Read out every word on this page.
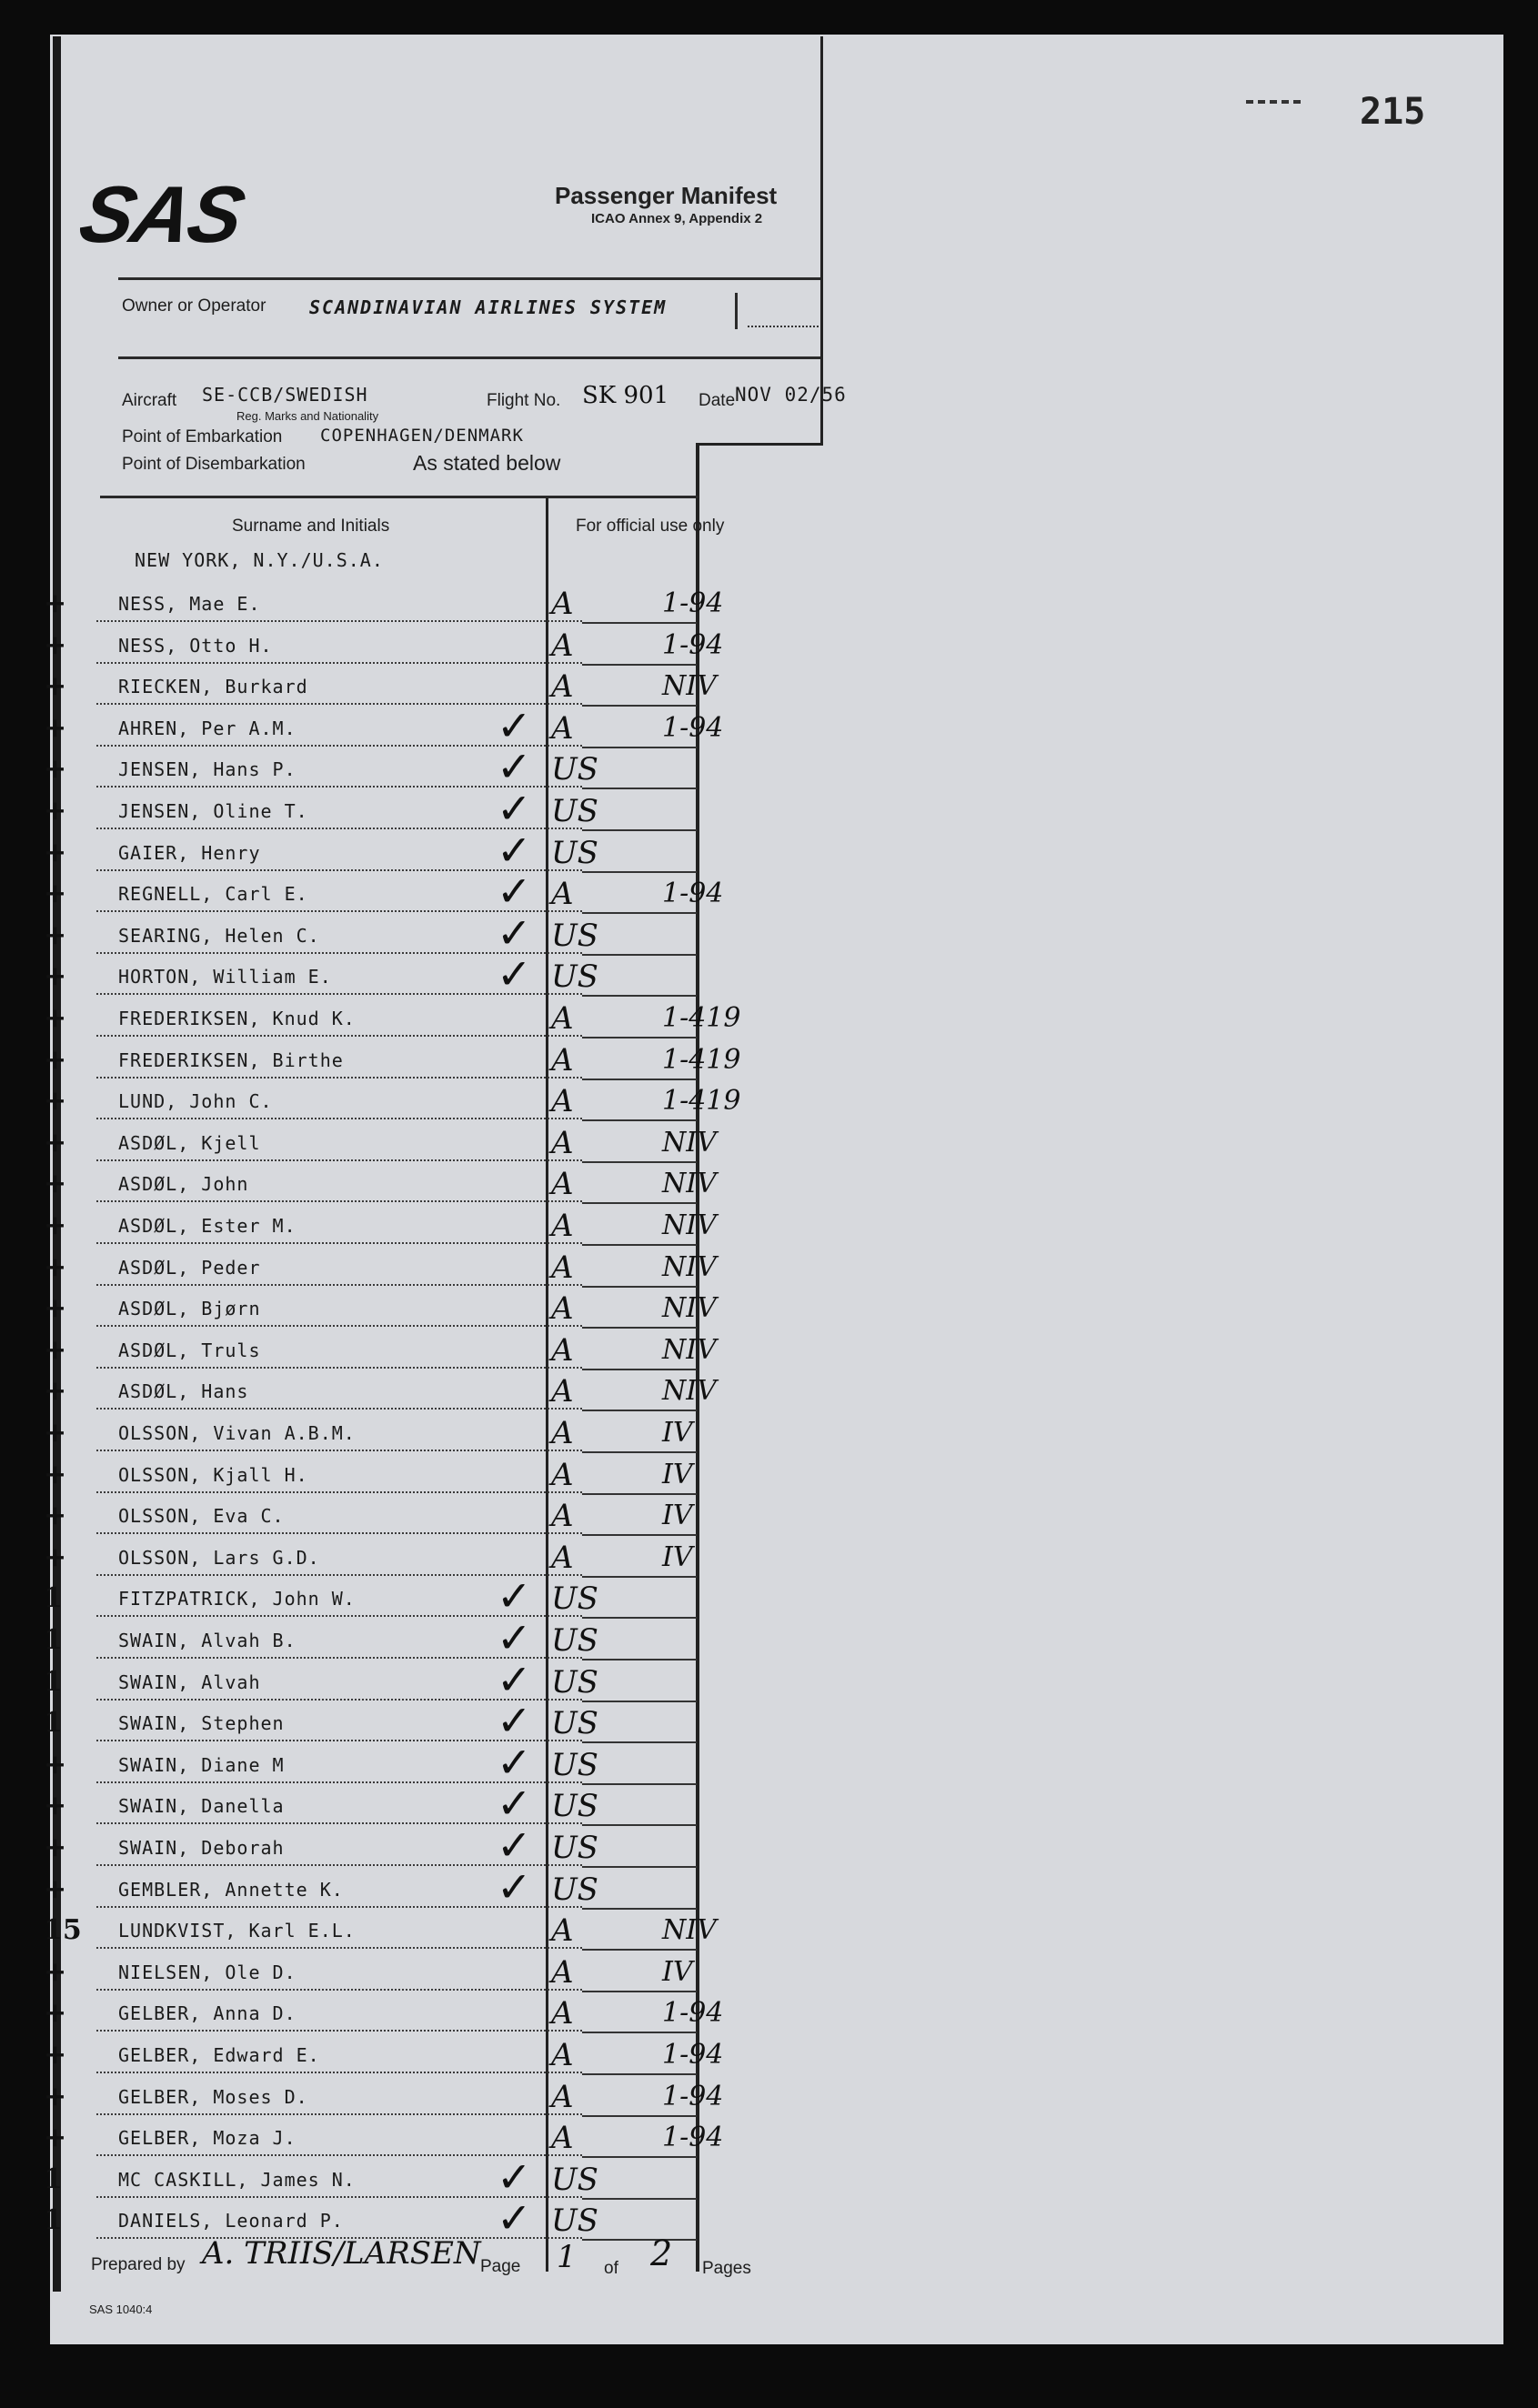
215
SAS	Passenger Manifest
ICAO Annex 9, Appendix 2
Owner or Operator SCANDINAVIAN AIRLINES SYSTEM
Aircraft SE-CCB/SWEDISH
Reg. Marks and Nationality
Flight No. SK 901 Date NOV 02/56
Point of Embarkation COPENHAGEN/DENMARK
Point of Disembarkation	As stated below
Surname and Initials	For official use only
NEW YORK, N.Y./U.S.A.
+	NESS, Mae E.	A	1-94
+	NESS, Otto H.	A	1-94
+	RIECKEN, Burkard	A	NIV
+	AHREN, Per A.M.	✓ A	1-94
+	JENSEN, Hans P.	✓ US
+	JENSEN, Oline T.	✓ US
+	GAIER, Henry	✓ US
+	REGNELL, Carl E.	✓ A	1-94
+	SEARING, Helen C.	✓ US
+	HORTON, William E.	✓ US
+	FREDERIKSEN, Knud K.	A	1-419
+	FREDERIKSEN, Birthe	A	1-419
+	LUND, John C.	A	1-419
+	ASDØL, Kjell	A	NIV
+	ASDØL, John	A	NIV
+	ASDØL, Ester M.	A	NIV
+	ASDØL, Peder	A	NIV
+	ASDØL, Bjørn	A	NIV
+	ASDØL, Truls	A	NIV
+	ASDØL, Hans	A	NIV
+	OLSSON, Vivan A.B.M.	A	IV
+	OLSSON, Kjall H.	A	IV
+	OLSSON, Eva C.	A	IV
+	OLSSON, Lars G.D.	A	IV
1	FITZPATRICK, John W.	✓ US
1	SWAIN, Alvah B.	✓ US
1	SWAIN, Alvah	✓ US
1	SWAIN, Stephen	✓ US
+	SWAIN, Diane M	✓ US
+	SWAIN, Danella	✓ US
+	SWAIN, Deborah	✓ US
+	GEMBLER, Annette K.	✓ US
15 LUNDKVIST, Karl E.L.	A	NIV
+	NIELSEN, Ole D.	A	IV
+	GELBER, Anna D.	A	1-94
+	GELBER, Edward E.	A	1-94
+	GELBER, Moses D.	A	1-94
+	GELBER, Moza J.	A	1-94
1	MC CASKILL, James N.	✓ US
1	DANIELS, Leonard P.	✓ US
Prepared by A. TRIIS/LARSEN Page 1 of 2 Pages
SAS 1040:4
